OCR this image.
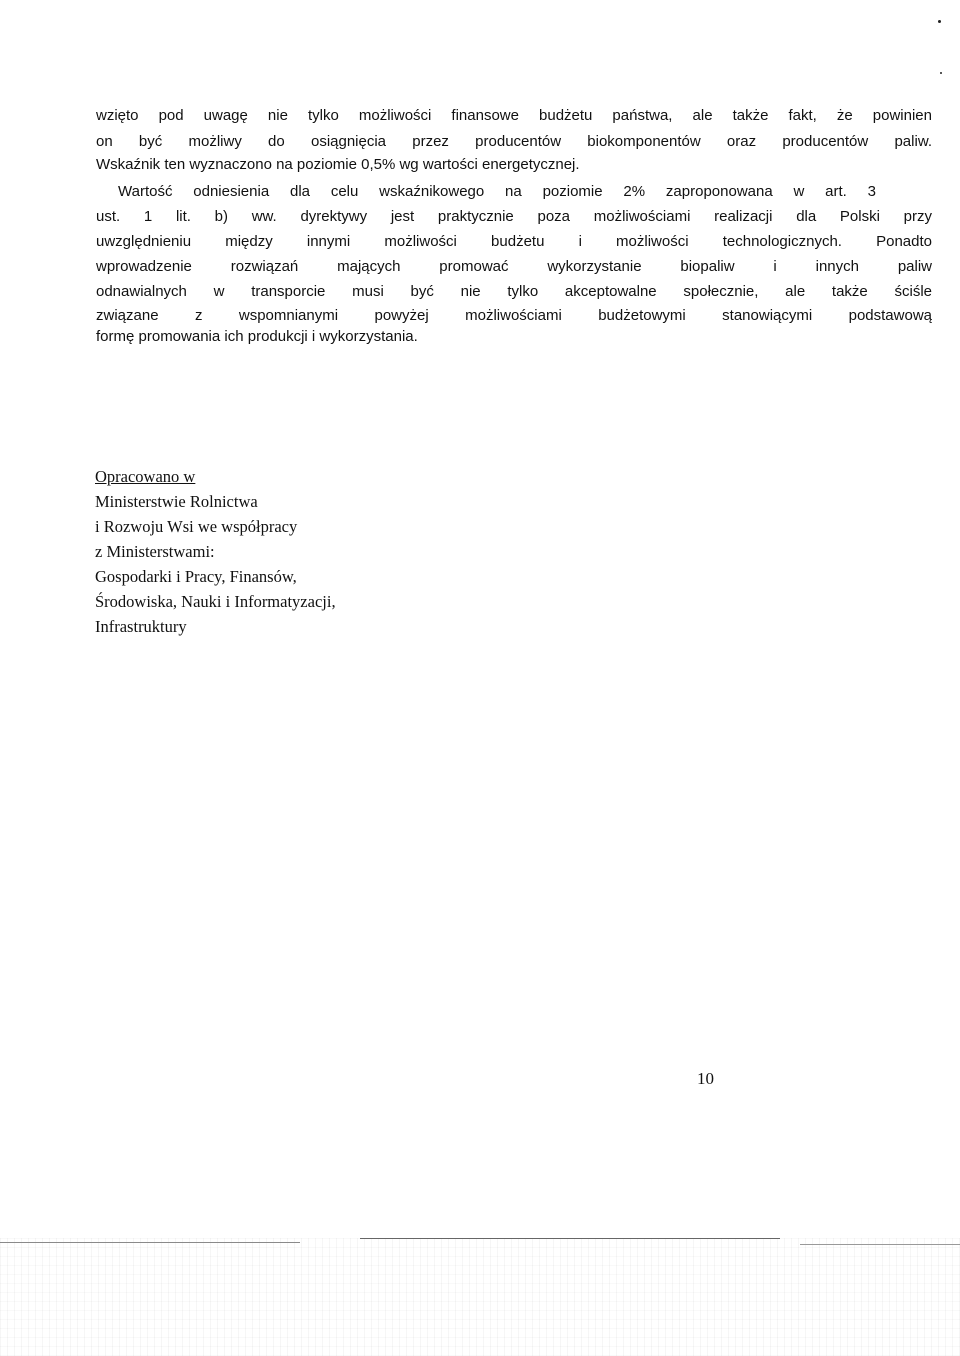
wzięto pod uwagę nie tylko możliwości finansowe budżetu państwa, ale także fakt, że powinien
on być możliwy do osiągnięcia przez producentów biokomponentów oraz producentów paliw.
Wskaźnik ten wyznaczono na poziomie 0,5% wg wartości energetycznej.
Wartość odniesienia dla celu wskaźnikowego na poziomie 2% zaproponowana w art. 3
ust. 1 lit. b) ww. dyrektywy jest praktycznie poza możliwościami realizacji dla Polski przy
uwzględnieniu między innymi możliwości budżetu i możliwości technologicznych. Ponadto
wprowadzenie rozwiązań mających promować wykorzystanie biopaliw i innych paliw
odnawialnych w transporcie musi być nie tylko akceptowalne społecznie, ale także ściśle
związane z wspomnianymi powyżej możliwościami budżetowymi stanowiącymi podstawową
formę promowania ich produkcji i wykorzystania.
Opracowano w
Ministerstwie Rolnictwa
i Rozwoju Wsi we współpracy
z Ministerstwami:
Gospodarki i Pracy, Finansów,
Środowiska, Nauki i Informatyzacji,
Infrastruktury
10
